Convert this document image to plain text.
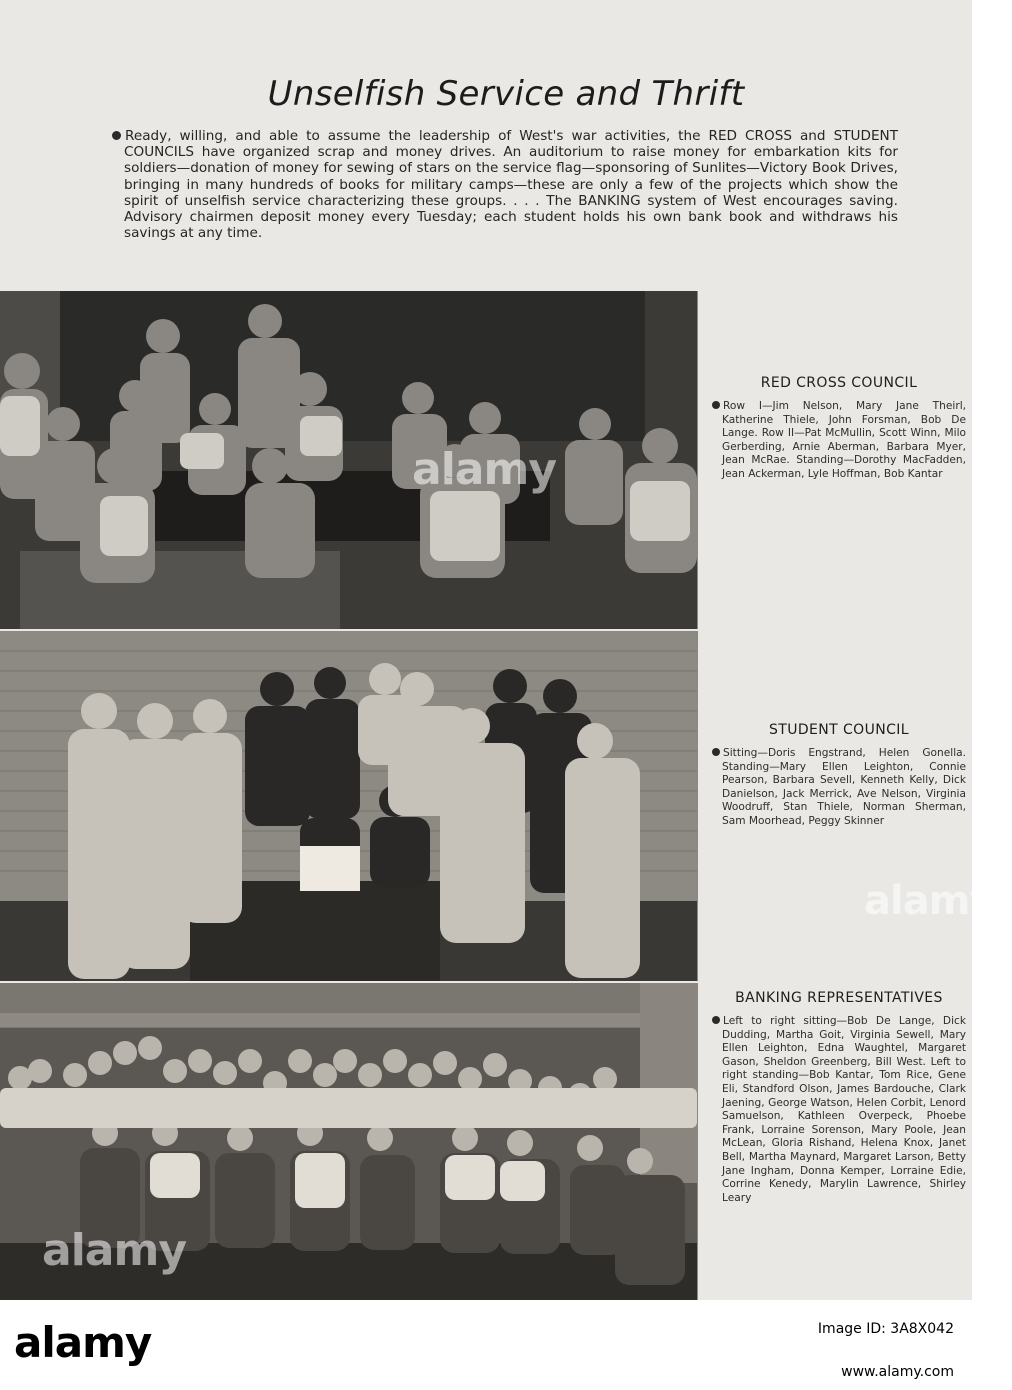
Unselfish Service and Thrift
Ready, willing, and able to assume the leadership of West's war activities, the RED CROSS and STUDENT COUNCILS have organized scrap and money drives. An auditorium to raise money for embarkation kits for soldiers—donation of money for sewing of stars on the service flag—sponsoring of Sunlites—Victory Book Drives, bringing in many hundreds of books for military camps—these are only a few of the projects which show the spirit of unselfish service characterizing these groups. . . . The BANKING system of West encourages saving. Advisory chairmen deposit money every Tuesday; each student holds his own bank book and withdraws his savings at any time.
alamy
alamy
alamy
RED CROSS COUNCIL
Row I—Jim Nelson, Mary Jane Theirl, Katherine Thiele, John Forsman, Bob De Lange. Row II—Pat McMullin, Scott Winn, Milo Gerberding, Arnie Aberman, Barbara Myer, Jean McRae. Standing—Dorothy MacFadden, Jean Ackerman, Lyle Hoffman, Bob Kantar
STUDENT COUNCIL
Sitting—Doris Engstrand, Helen Gonella. Standing—Mary Ellen Leighton, Connie Pearson, Barbara Sevell, Kenneth Kelly, Dick Danielson, Jack Merrick, Ave Nelson, Virginia Woodruff, Stan Thiele, Norman Sherman, Sam Moorhead, Peggy Skinner
BANKING REPRESENTATIVES
Left to right sitting—Bob De Lange, Dick Dudding, Martha Goit, Virginia Sewell, Mary Ellen Leighton, Edna Waughtel, Margaret Gason, Sheldon Greenberg, Bill West. Left to right standing—Bob Kantar, Tom Rice, Gene Eli, Standford Olson, James Bardouche, Clark Jaening, George Watson, Helen Corbit, Lenord Samuelson, Kathleen Overpeck, Phoebe Frank, Lorraine Sorenson, Mary Poole, Jean McLean, Gloria Rishand, Helena Knox, Janet Bell, Martha Maynard, Margaret Larson, Betty Jane Ingham, Donna Kemper, Lorraine Edie, Corrine Kenedy, Marylin Lawrence, Shirley Leary
alamy	Image ID: 3A8X042
www.alamy.com
